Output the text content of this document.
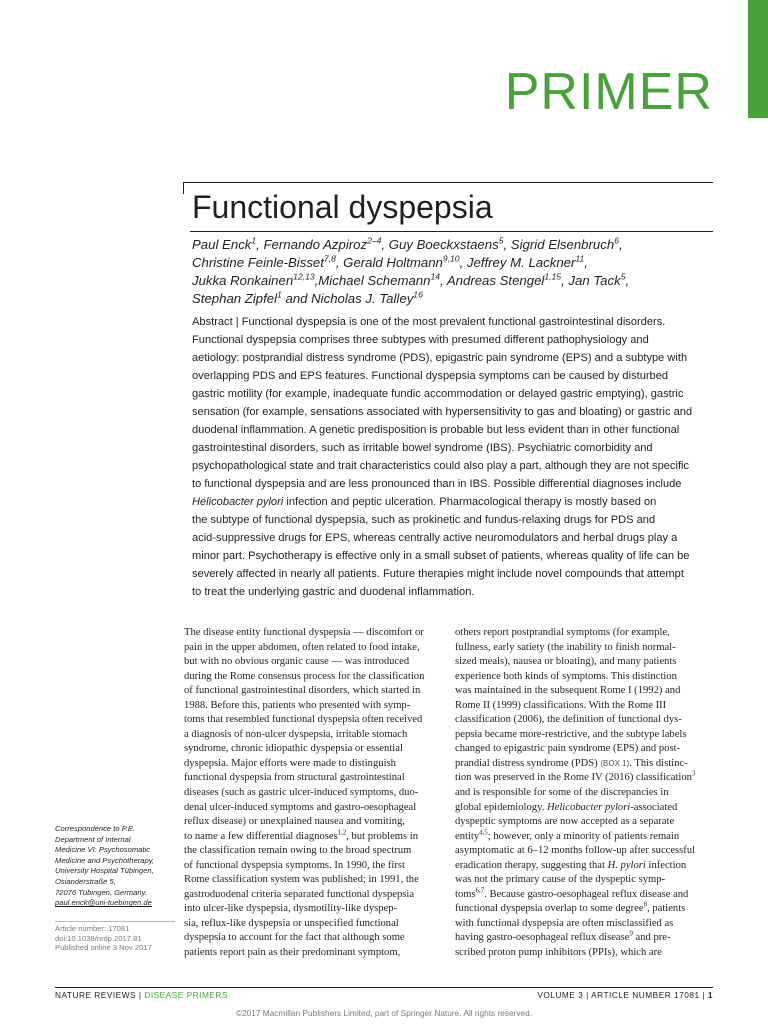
PRIMER
Functional dyspepsia

Paul Enck$^1$, Fernando Azpiroz$^{2-4}$, Guy Boeckxstaens$^5$, Sigrid Elsenbruch$^6$,

Christine Feinle-Bisset$^{7,8}$, Gerald Holtmann$^{9,10}$, Jeffrey M. Lackner$^{11}$,

Jukka Ronkainen$^{12,13}$,Michael Schemann$^{14}$, Andreas Stengel$^{1,15}$, Jan Tack$^5$,

Stephan Zipfel$^1$ and Nicholas J. Talley$^{16}$

Abstract | Functional dyspepsia is one of the most prevalent functional gastrointestinal disorders.

Functional dyspepsia comprises three subtypes with presumed different pathophysiology and

aetiology: postprandial distress syndrome (PDS), epigastric pain syndrome (EPS) and a subtype with

overlapping PDS and EPS features. Functional dyspepsia symptoms can be caused by disturbed

gastric motility (for example, inadequate fundic accommodation or delayed gastric emptying), gastric

sensation (for example, sensations associated with hypersensitivity to gas and bloating) or gastric and

duodenal inflammation. A genetic predisposition is probable but less evident than in other functional

gastrointestinal disorders, such as irritable bowel syndrome (IBS). Psychiatric comorbidity and

psychopathological state and trait characteristics could also play a part, although they are not specific

to functional dyspepsia and are less pronounced than in IBS. Possible differential diagnoses include

Helicobacter pylori infection and peptic ulceration. Pharmacological therapy is mostly based on

the subtype of functional dyspepsia, such as prokinetic and fundus-relaxing drugs for PDS and

acid-suppressive drugs for EPS, whereas centrally active neuromodulators and herbal drugs play a

minor part. Psychotherapy is effective only in a small subset of patients, whereas quality of life can be

severely affected in nearly all patients. Future therapies might include novel compounds that attempt

to treat the underlying gastric and duodenal inflammation.

The disease entity functional dyspepsia — discomfort or

pain in the upper abdomen, often related to food intake,

but with no obvious organic cause — was introduced

during the Rome consensus process for the classification

of functional gastrointestinal disorders, which started in

1988. Before this, patients who presented with symp-

toms that resembled functional dyspepsia often received

a diagnosis of non-ulcer dyspepsia, irritable stomach

syndrome, chronic idiopathic dyspepsia or essential

dyspepsia. Major efforts were made to distinguish

functional dyspepsia from structural gastrointestinal

diseases (such as gastric ulcer-induced symptoms, duo-

denal ulcer-induced symptoms and gastro-oesophageal

reflux disease) or unexplained nausea and vomiting,

to name a few differential diagnoses$^{1,2}$, but problems in

the classification remain owing to the broad spectrum

of functional dyspepsia symptoms. In 1990, the first

Rome classification system was published; in 1991, the

gastroduodenal criteria separated functional dyspepsia

into ulcer-like dyspepsia, dysmotility-like dyspep-

sia, reflux-like dyspepsia or unspecified functional

dyspepsia to account for the fact that although some

patients report pain as their predominant symptom,

others report postprandial symptoms (for example,

fullness, early satiety (the inability to finish normal-

sized meals), nausea or bloating), and many patients

experience both kinds of symptoms. This distinction

was maintained in the subsequent Rome I (1992) and

Rome II (1999) classifications. With the Rome III

classification (2006), the definition of functional dys-

pepsia became more-restrictive, and the subtype labels

changed to epigastric pain syndrome (EPS) and post-

prandial distress syndrome (PDS) (BOX 1). This distinc-

tion was preserved in the Rome IV (2016) classification$^3$

and is responsible for some of the discrepancies in

global epidemiology. Helicobacter pylori-associated

dyspeptic symptoms are now accepted as a separate

entity$^{4,5}$; however, only a minority of patients remain

asymptomatic at 6–12 months follow-up after successful

eradication therapy, suggesting that H. pylori infection

was not the primary cause of the dyspeptic symp-

toms$^{6,7}$. Because gastro-oesophageal reflux disease and

functional dyspepsia overlap to some degree$^8$, patients

with functional dyspepsia are often misclassified as

having gastro-oesophageal reflux disease$^9$ and pre-

scribed proton pump inhibitors (PPIs), which are

Correspondence to P.E.

Department of Internal

Medicine VI: Psychosomatic

Medicine and Psychotherapy,

University Hospital Tübingen,

Osianderstraße 5,

72076 Tübingen, Germany.

paul.enck@uni-tuebingen.de

Article number: 17081

doi:10.1038/nrdp.2017.81

Published online 3 Nov 2017

NATURE REVIEWS | DISEASE PRIMERS	VOLUME 3 | ARTICLE NUMBER 17081 | 1
©2017 Macmillan Publishers Limited, part of Springer Nature. All rights reserved.
